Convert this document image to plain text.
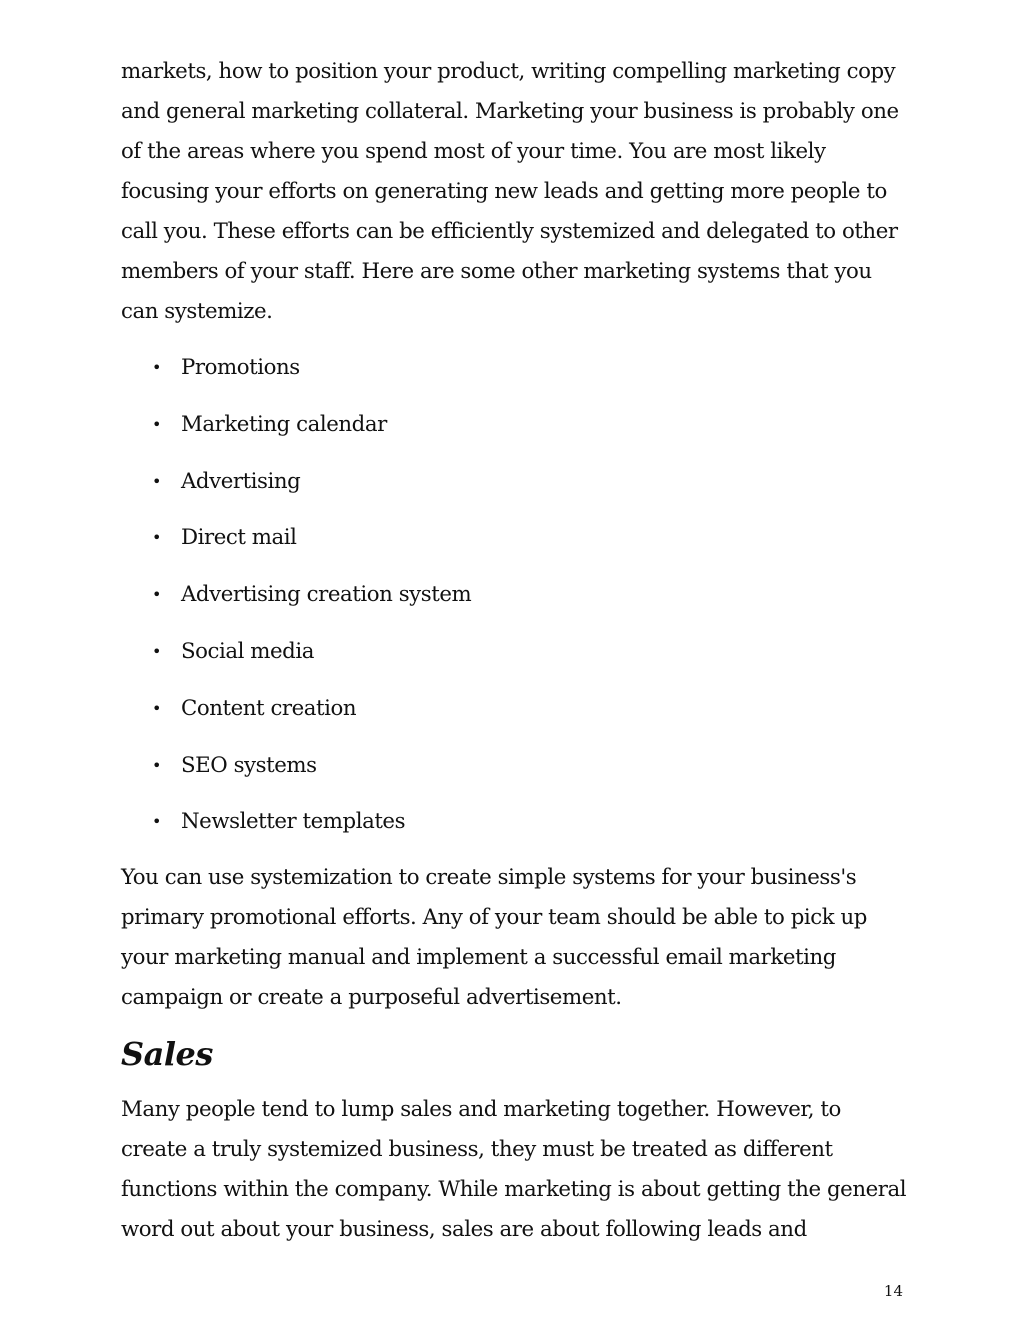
markets, how to position your product, writing compelling marketing copy and general marketing collateral. Marketing your business is probably one of the areas where you spend most of your time. You are most likely focusing your efforts on generating new leads and getting more people to call you. These efforts can be efficiently systemized and delegated to other members of your staff. Here are some other marketing systems that you can systemize.

• Promotions
• Marketing calendar
• Advertising
• Direct mail
• Advertising creation system
• Social media
• Content creation
• SEO systems
• Newsletter templates

You can use systemization to create simple systems for your business's primary promotional efforts. Any of your team should be able to pick up your marketing manual and implement a successful email marketing campaign or create a purposeful advertisement.

Sales

Many people tend to lump sales and marketing together. However, to create a truly systemized business, they must be treated as different functions within the company. While marketing is about getting the general word out about your business, sales are about following leads and

14
